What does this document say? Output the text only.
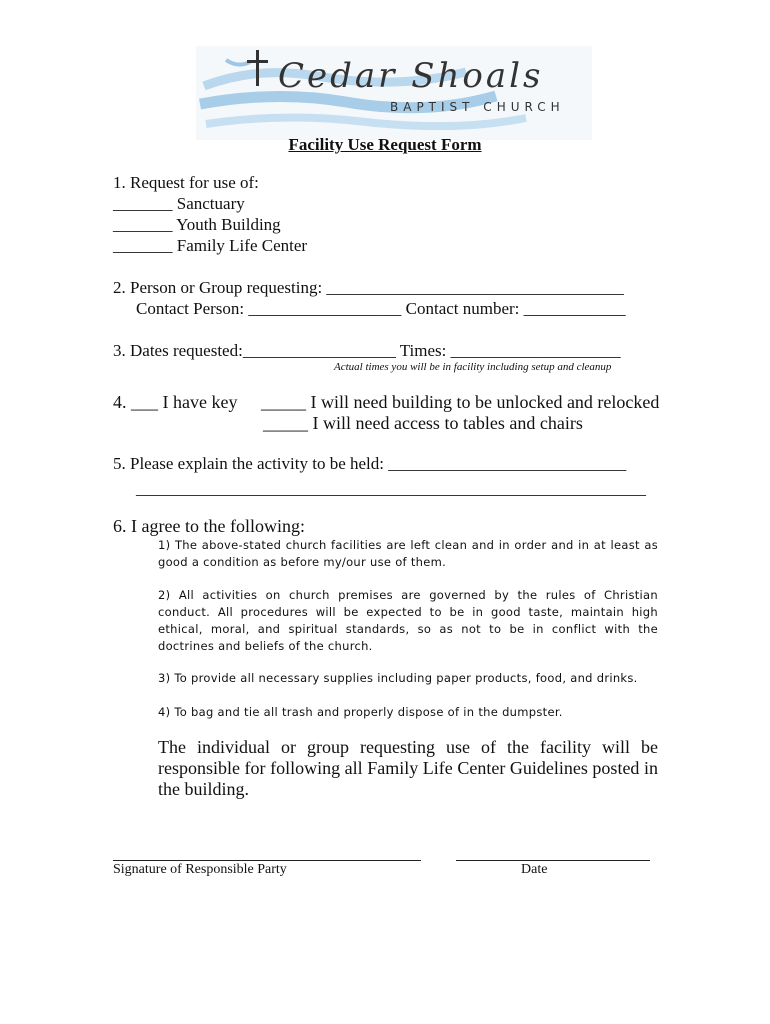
Cedar Shoals
BAPTIST CHURCH
Facility Use Request Form
1. Request for use of:
_______ Sanctuary
_______ Youth Building
_______ Family Life Center
2. Person or Group requesting: ___________________________________
Contact Person: __________________ Contact number: ____________
3. Dates requested:__________________ Times: ____________________
Actual times you will be in facility including setup and cleanup
4. ___ I have key _____ I will need building to be unlocked and relocked
_____ I will need access to tables and chairs
5. Please explain the activity to be held: ____________________________
____________________________________________________________
6. I agree to the following:
1) The above-stated church facilities are left clean and in order and in at least as good a condition as before my/our use of them.
2) All activities on church premises are governed by the rules of Christian conduct. All procedures will be expected to be in good taste, maintain high ethical, moral, and spiritual standards, so as not to be in conflict with the doctrines and beliefs of the church.
3) To provide all necessary supplies including paper products, food, and drinks.
4) To bag and tie all trash and properly dispose of in the dumpster.
The individual or group requesting use of the facility will be responsible for following all Family Life Center Guidelines posted in the building.
Signature of Responsible Party	Date
